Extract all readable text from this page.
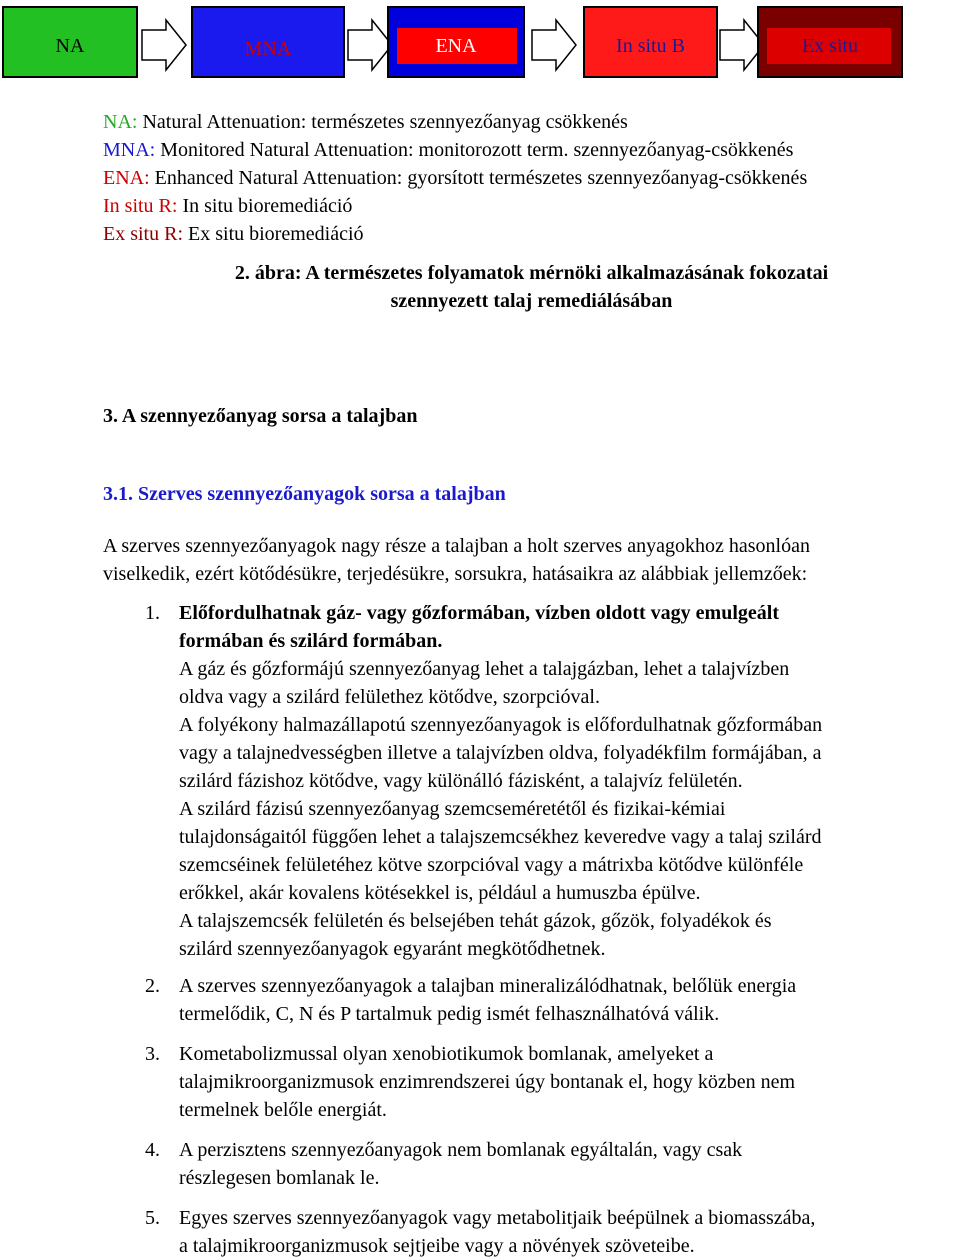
NA	MNA	ENA	In situ B	Ex situ
NA: Natural Attenuation: természetes szennyezőanyag csökkenés
MNA: Monitored Natural Attenuation: monitorozott term. szennyezőanyag-csökkenés
ENA: Enhanced Natural Attenuation: gyorsított természetes szennyezőanyag-csökkenés
In situ R: In situ bioremediáció
Ex situ R: Ex situ bioremediáció
2. ábra: A természetes folyamatok mérnöki alkalmazásának fokozatai
szennyezett talaj remediálásában
3. A szennyezőanyag sorsa a talajban
3.1. Szerves szennyezőanyagok sorsa a talajban
A szerves szennyezőanyagok nagy része a talajban a holt szerves anyagokhoz hasonlóan
viselkedik, ezért kötődésükre, terjedésükre, sorsukra, hatásaikra az alábbiak jellemzőek:
1. Előfordulhatnak gáz- vagy gőzformában, vízben oldott vagy emulgeált
formában és szilárd formában.
A gáz és gőzformájú szennyezőanyag lehet a talajgázban, lehet a talajvízben
oldva vagy a szilárd felülethez kötődve, szorpcióval.
A folyékony halmazállapotú szennyezőanyagok is előfordulhatnak gőzformában
vagy a talajnedvességben illetve a talajvízben oldva, folyadékfilm formájában, a
szilárd fázishoz kötődve, vagy különálló fázisként, a talajvíz felületén.
A szilárd fázisú szennyezőanyag szemcseméretétől és fizikai-kémiai
tulajdonságaitól függően lehet a talajszemcsékhez keveredve vagy a talaj szilárd
szemcséinek felületéhez kötve szorpcióval vagy a mátrixba kötődve különféle
erőkkel, akár kovalens kötésekkel is, például a humuszba épülve.
A talajszemcsék felületén és belsejében tehát gázok, gőzök, folyadékok és
szilárd szennyezőanyagok egyaránt megkötődhetnek.
2. A szerves szennyezőanyagok a talajban mineralizálódhatnak, belőlük energia
termelődik, C, N és P tartalmuk pedig ismét felhasználhatóvá válik.
3. Kometabolizmussal olyan xenobiotikumok bomlanak, amelyeket a
talajmikroorganizmusok enzimrendszerei úgy bontanak el, hogy közben nem
termelnek belőle energiát.
4. A perzisztens szennyezőanyagok nem bomlanak egyáltalán, vagy csak
részlegesen bomlanak le.
5. Egyes szerves szennyezőanyagok vagy metabolitjaik beépülnek a biomasszába,
a talajmikroorganizmusok sejtjeibe vagy a növények szöveteibe.
